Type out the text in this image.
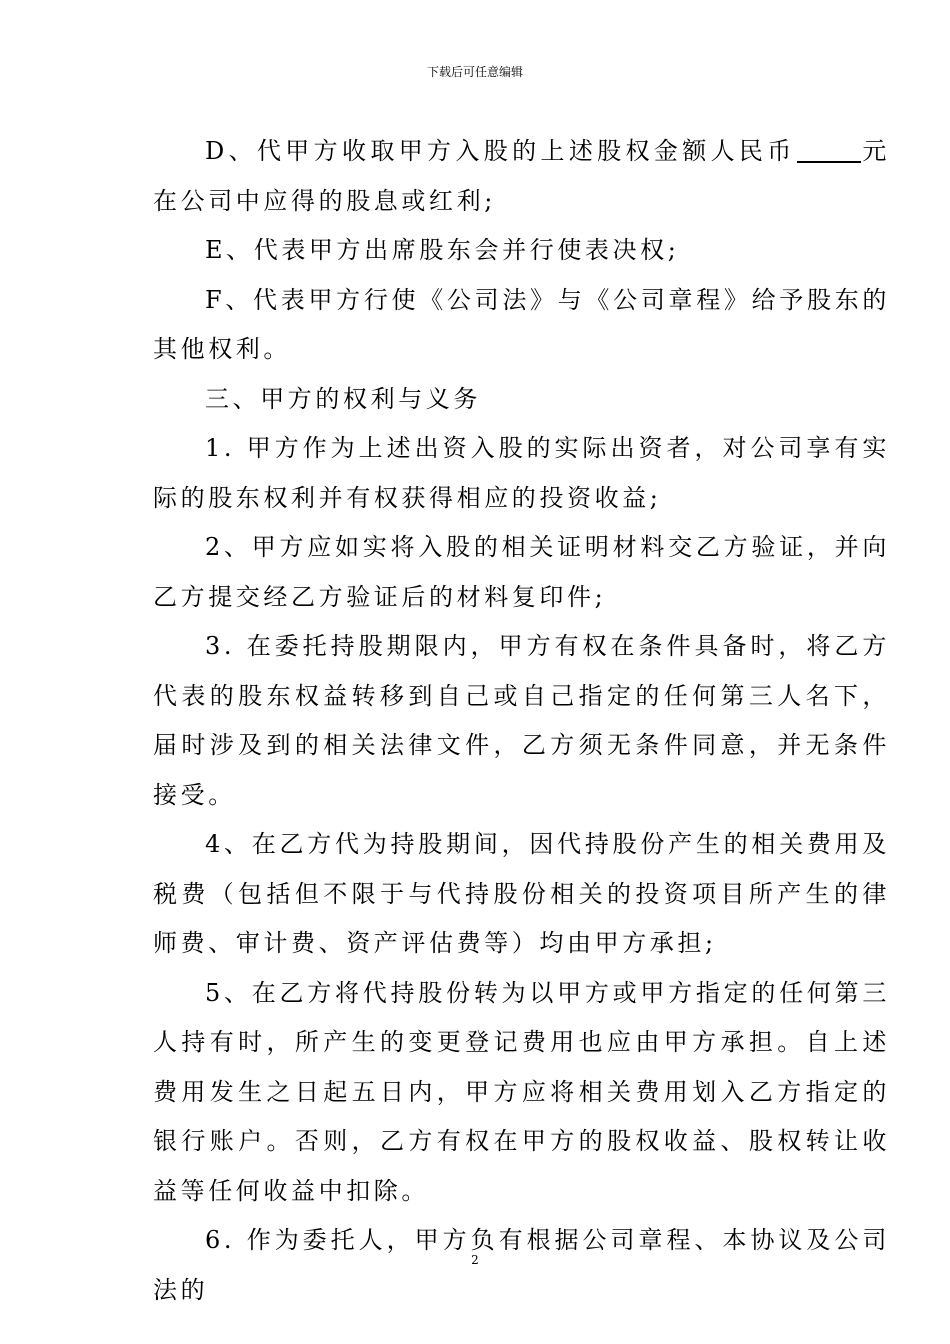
下载后可任意编辑

D、代甲方收取甲方入股的上述股权金额人民币	元在公司中应得的股息或红利;

E、代表甲方出席股东会并行使表决权;

F、代表甲方行使《公司法》与《公司章程》给予股东的其他权利。

三、甲方的权利与义务

1. 甲方作为上述出资入股的实际出资者，对公司享有实际的股东权利并有权获得相应的投资收益;

2、甲方应如实将入股的相关证明材料交乙方验证，并向乙方提交经乙方验证后的材料复印件;

3. 在委托持股期限内，甲方有权在条件具备时，将乙方代表的股东权益转移到自己或自己指定的任何第三人名下，届时涉及到的相关法律文件，乙方须无条件同意，并无条件接受。

4、在乙方代为持股期间，因代持股份产生的相关费用及税费（包括但不限于与代持股份相关的投资项目所产生的律师费、审计费、资产评估费等）均由甲方承担;

5、在乙方将代持股份转为以甲方或甲方指定的任何第三人持有时，所产生的变更登记费用也应由甲方承担。自上述费用发生之日起五日内，甲方应将相关费用划入乙方指定的银行账户。否则，乙方有权在甲方的股权收益、股权转让收益等任何收益中扣除。

6. 作为委托人，甲方负有根据公司章程、本协议及公司法的

2
